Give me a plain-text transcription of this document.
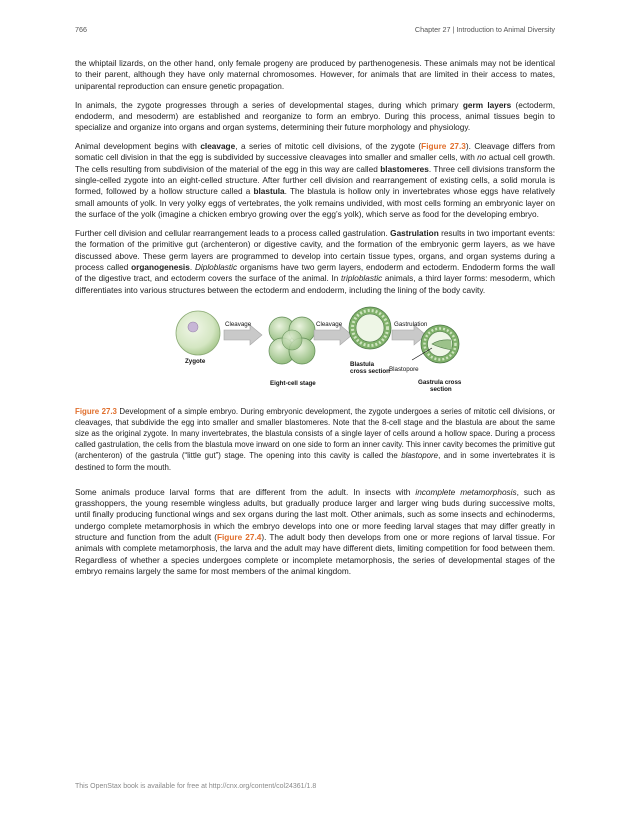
766	Chapter 27 | Introduction to Animal Diversity

the whiptail lizards, on the other hand, only female progeny are produced by parthenogenesis. These animals may not be identical to their parent, although they have only maternal chromosomes. However, for animals that are limited in their access to mates, uniparental reproduction can ensure genetic propagation.

In animals, the zygote progresses through a series of developmental stages, during which primary germ layers (ectoderm, endoderm, and mesoderm) are established and reorganize to form an embryo. During this process, animal tissues begin to specialize and organize into organs and organ systems, determining their future morphology and physiology.

Animal development begins with cleavage, a series of mitotic cell divisions, of the zygote (Figure 27.3). Cleavage differs from somatic cell division in that the egg is subdivided by successive cleavages into smaller and smaller cells, with no actual cell growth. The cells resulting from subdivision of the material of the egg in this way are called blastomeres. Three cell divisions transform the single-celled zygote into an eight-celled structure. After further cell division and rearrangement of existing cells, a solid morula is formed, followed by a hollow structure called a blastula. The blastula is hollow only in invertebrates whose eggs have relatively small amounts of yolk. In very yolky eggs of vertebrates, the yolk remains undivided, with most cells forming an embryonic layer on the surface of the yolk (imagine a chicken embryo growing over the egg’s yolk), which serve as food for the developing embryo.

Further cell division and cellular rearrangement leads to a process called gastrulation. Gastrulation results in two important events: the formation of the primitive gut (archenteron) or digestive cavity, and the formation of the embryonic germ layers, as we have discussed above. These germ layers are programmed to develop into certain tissue types, organs, and organ systems during a process called organogenesis. Diploblastic organisms have two germ layers, endoderm and ectoderm. Endoderm forms the wall of the digestive tract, and ectoderm covers the surface of the animal. In triploblastic animals, a third layer forms: mesoderm, which differentiates into various structures between the ectoderm and endoderm, including the lining of the body cavity.

Zygote
Cleavage	Cleavage	Gastrulation
Eight-cell stage
Blastula
cross section Blastopore
Gastrula cross
section

Figure 27.3 Development of a simple embryo. During embryonic development, the zygote undergoes a series of mitotic cell divisions, or cleavages, that subdivide the egg into smaller and smaller blastomeres. Note that the 8-cell stage and the blastula are about the same size as the original zygote. In many invertebrates, the blastula consists of a single layer of cells around a hollow space. During a process called gastrulation, the cells from the blastula move inward on one side to form an inner cavity. This inner cavity becomes the primitive gut (archenteron) of the gastrula (“little gut”) stage. The opening into this cavity is called the blastopore, and in some invertebrates it is destined to form the mouth.

Some animals produce larval forms that are different from the adult. In insects with incomplete metamorphosis, such as grasshoppers, the young resemble wingless adults, but gradually produce larger and larger wing buds during successive molts, until finally producing functional wings and sex organs during the last molt. Other animals, such as some insects and echinoderms, undergo complete metamorphosis in which the embryo develops into one or more feeding larval stages that may differ greatly in structure and function from the adult (Figure 27.4). The adult body then develops from one or more regions of larval tissue. For animals with complete metamorphosis, the larva and the adult may have different diets, limiting competition for food between them. Regardless of whether a species undergoes complete or incomplete metamorphosis, the series of developmental stages of the embryo remains largely the same for most members of the animal kingdom.

This OpenStax book is available for free at http://cnx.org/content/col24361/1.8
